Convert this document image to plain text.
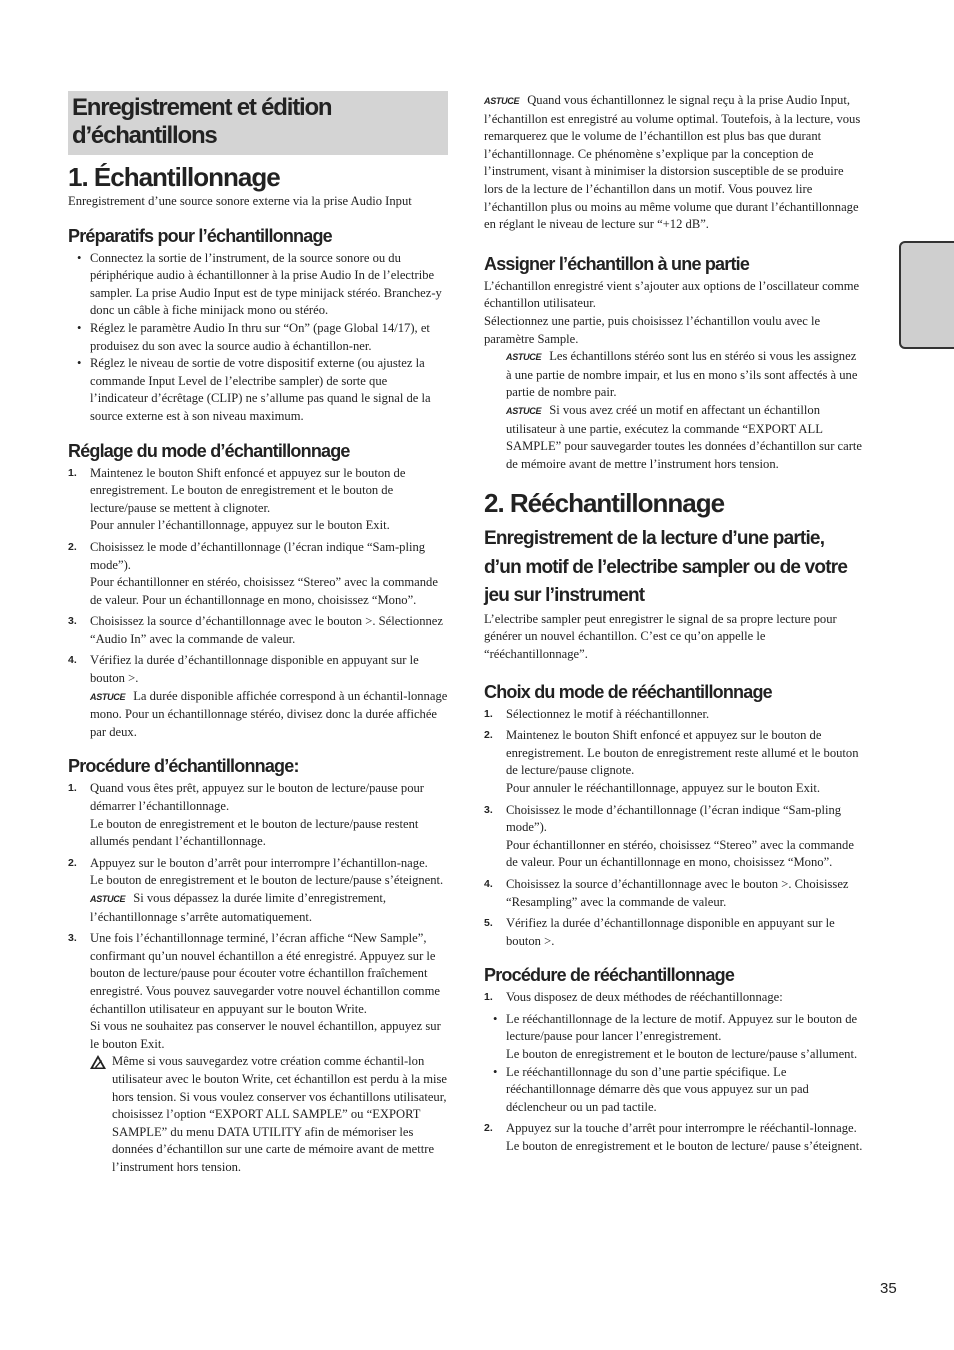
Enregistrement et édition d’échantillons
1. Échantillonnage

Enregistrement d’une source sonore externe via la prise Audio Input

Préparatifs pour l’échantillonnage
• Connectez la sortie de l’instrument, de la source sonore ou du périphérique audio à échantillonner à la prise Audio In de l’electribe sampler. La prise Audio Input est de type minijack stéréo. Branchez-y donc un câble à fiche minijack mono ou stéréo.
• Réglez le paramètre Audio In thru sur “On” (page Global 14/17), et produisez du son avec la source audio à échantillon-ner.
• Réglez le niveau de sortie de votre dispositif externe (ou ajustez la commande Input Level de l’electribe sampler) de sorte que l’indicateur d’écrêtage (CLIP) ne s’allume pas quand le signal de la source externe est à son niveau maximum.
Réglage du mode d’échantillonnage
1. Maintenez le bouton Shift enfoncé et appuyez sur le bouton de enregistrement. Le bouton de enregistrement et le bouton de lecture/pause se mettent à clignoter.

Pour annuler l’échantillonnage, appuyez sur le bouton Exit.

2. Choisissez le mode d’échantillonnage (l’écran indique “Sam-pling mode”).

Pour échantillonner en stéréo, choisissez “Stereo” avec la commande de valeur. Pour un échantillonnage en mono, choisissez “Mono”.

3. Choisissez la source d’échantillonnage avec le bouton >. Sélectionnez “Audio In” avec la commande de valeur.

4. Vérifiez la durée d’échantillonnage disponible en appuyant sur le bouton >.

ASTUCE La durée disponible affichée correspond à un échantil-lonnage mono. Pour un échantillonnage stéréo, divisez donc la durée affichée par deux.

Procédure d’échantillonnage:
1. Quand vous êtes prêt, appuyez sur le bouton de lecture/pause pour démarrer l’échantillonnage.

Le bouton de enregistrement et le bouton de lecture/pause restent allumés pendant l’échantillonnage.

2. Appuyez sur le bouton d’arrêt pour interrompre l’échantillon-nage.

Le bouton de enregistrement et le bouton de lecture/pause s’éteignent.

ASTUCE Si vous dépassez la durée limite d’enregistrement, l’échantillonnage s’arrête automatiquement.

3. Une fois l’échantillonnage terminé, l’écran affiche “New Sample”, confirmant qu’un nouvel échantillon a été enregistré. Appuyez sur le bouton de lecture/pause pour écouter votre échantillon fraîchement enregistré. Vous pouvez sauvegarder votre nouvel échantillon comme échantillon utilisateur en appuyant sur le bouton Write.

Si vous ne souhaitez pas conserver le nouvel échantillon, appuyez sur le bouton Exit.

Même si vous sauvegardez votre création comme échantil-lon utilisateur avec le bouton Write, cet échantillon est perdu à la mise hors tension. Si vous voulez conserver vos échantillons utilisateur, choisissez l’option “EXPORT ALL SAMPLE” ou “EXPORT SAMPLE” du menu DATA UTILITY afin de mémoriser les données d’échantillon sur une carte de mémoire avant de mettre l’instrument hors tension.

ASTUCE Quand vous échantillonnez le signal reçu à la prise Audio Input, l’échantillon est enregistré au volume optimal. Toutefois, à la lecture, vous remarquerez que le volume de l’échantillon est plus bas que durant l’échantillonnage. Ce phénomène s’explique par la conception de l’instrument, visant à minimiser la distorsion susceptible de se produire lors de la lecture de l’échantillon dans un motif. Vous pouvez lire l’échantillon plus ou moins au même volume que durant l’échantillonnage en réglant le niveau de lecture sur “+12 dB”.

Assigner l’échantillon à une partie

L’échantillon enregistré vient s’ajouter aux options de l’oscillateur comme échantillon utilisateur.

Sélectionnez une partie, puis choisissez l’échantillon voulu avec le paramètre Sample.

ASTUCE Les échantillons stéréo sont lus en stéréo si vous les assignez à une partie de nombre impair, et lus en mono s’ils sont affectés à une partie de nombre pair.

ASTUCE Si vous avez créé un motif en affectant un échantillon utilisateur à une partie, exécutez la commande “EXPORT ALL SAMPLE” pour sauvegarder toutes les données d’échantillon sur carte de mémoire avant de mettre l’instrument hors tension.

2. Rééchantillonnage
Enregistrement de la lecture d’une partie, d’un motif de l’electribe sampler ou de votre jeu sur l’instrument

L’electribe sampler peut enregistrer le signal de sa propre lecture pour générer un nouvel échantillon. C’est ce qu’on appelle le “rééchantillonnage”.

Choix du mode de rééchantillonnage
1. Sélectionnez le motif à rééchantillonner.

2. Maintenez le bouton Shift enfoncé et appuyez sur le bouton de enregistrement. Le bouton de enregistrement reste allumé et le bouton de lecture/pause clignote.

Pour annuler le rééchantillonnage, appuyez sur le bouton Exit.

3. Choisissez le mode d’échantillonnage (l’écran indique “Sam-pling mode”).

Pour échantillonner en stéréo, choisissez “Stereo” avec la commande de valeur. Pour un échantillonnage en mono, choisissez “Mono”.

4. Choisissez la source d’échantillonnage avec le bouton >. Choisissez “Resampling” avec la commande de valeur.

5. Vérifiez la durée d’échantillonnage disponible en appuyant sur le bouton >.

Procédure de rééchantillonnage
1. Vous disposez de deux méthodes de rééchantillonnage:

• Le rééchantillonnage de la lecture de motif. Appuyez sur le bouton de lecture/pause pour lancer l’enregistrement.
Le bouton de enregistrement et le bouton de lecture/pause s’allument.
• Le rééchantillonnage du son d’une partie spécifique. Le rééchantillonnage démarre dès que vous appuyez sur un pad déclencheur ou un pad tactile.
2. Appuyez sur la touche d’arrêt pour interrompre le rééchantil-lonnage. Le bouton de enregistrement et le bouton de lecture/ pause s’éteignent.

35
